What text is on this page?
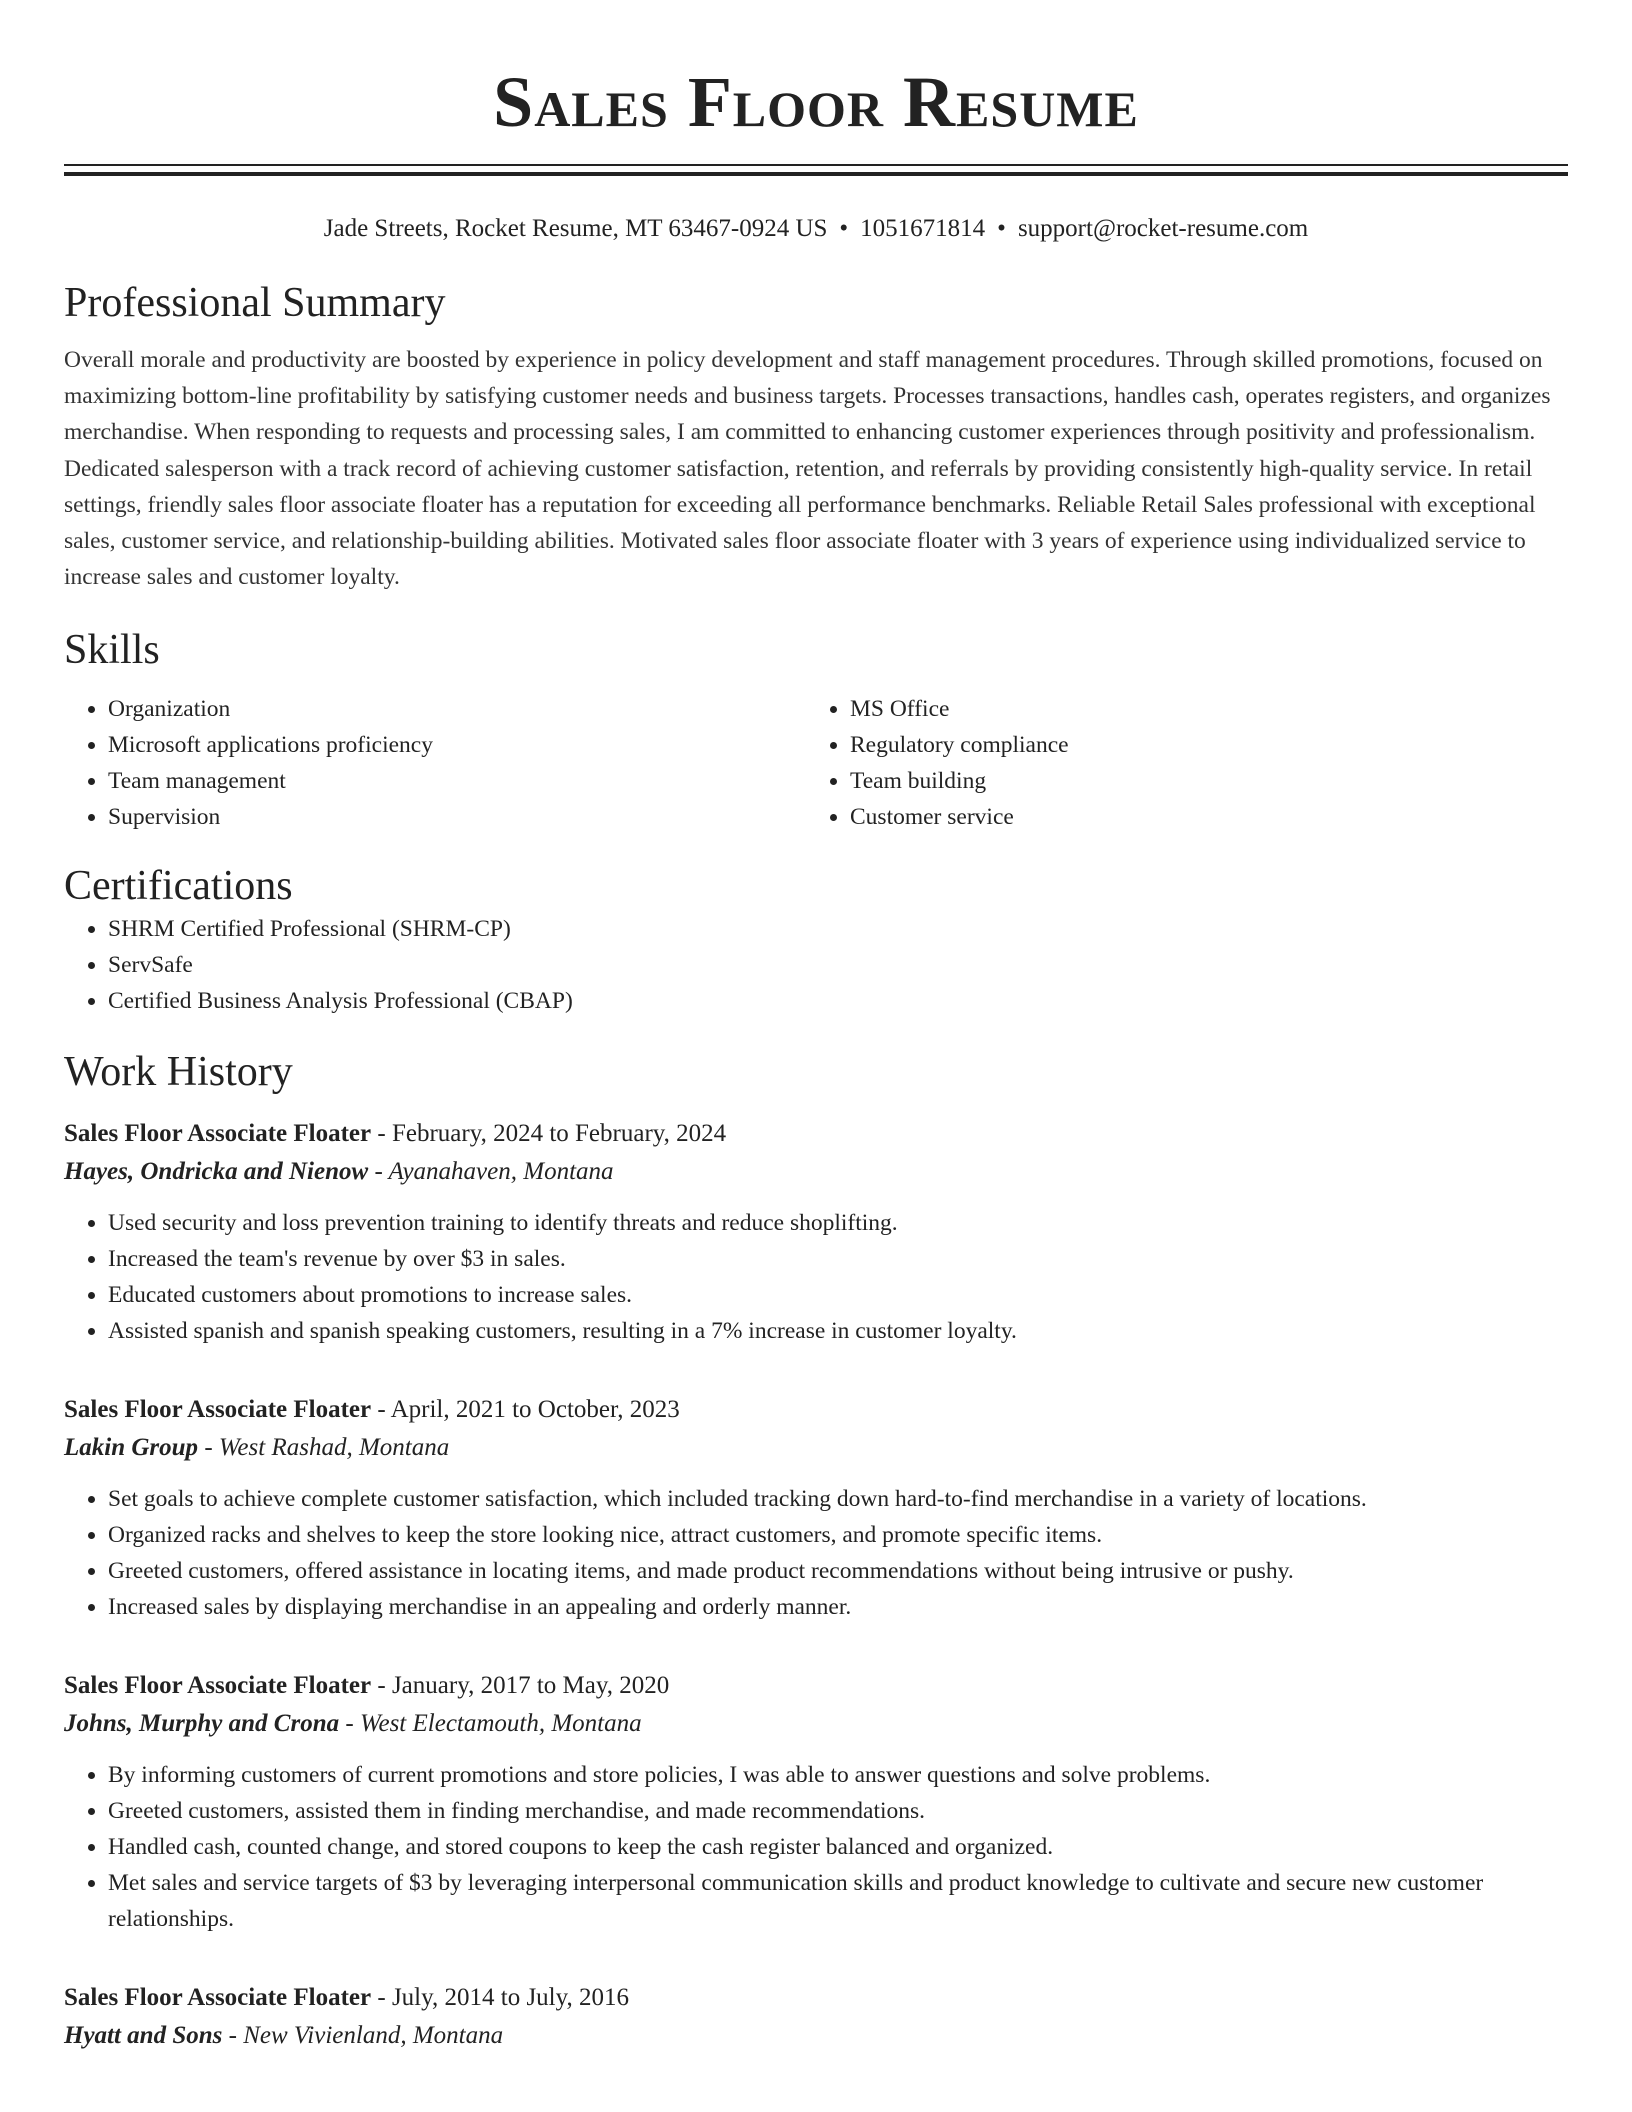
Sales Floor Resume
Jade Streets, Rocket Resume, MT 63467-0924 US • 1051671814 • support@rocket-resume.com
Professional Summary
Overall morale and productivity are boosted by experience in policy development and staff management procedures. Through skilled promotions, focused on maximizing bottom-line profitability by satisfying customer needs and business targets. Processes transactions, handles cash, operates registers, and organizes merchandise. When responding to requests and processing sales, I am committed to enhancing customer experiences through positivity and professionalism. Dedicated salesperson with a track record of achieving customer satisfaction, retention, and referrals by providing consistently high-quality service. In retail settings, friendly sales floor associate floater has a reputation for exceeding all performance benchmarks. Reliable Retail Sales professional with exceptional sales, customer service, and relationship-building abilities. Motivated sales floor associate floater with 3 years of experience using individualized service to increase sales and customer loyalty.
Skills
• Organization
• Microsoft applications proficiency
• Team management
• Supervision
• MS Office
• Regulatory compliance
• Team building
• Customer service
Certifications
• SHRM Certified Professional (SHRM-CP)
• ServSafe
• Certified Business Analysis Professional (CBAP)
Work History
Sales Floor Associate Floater - February, 2024 to February, 2024
Hayes, Ondricka and Nienow - Ayanahaven, Montana
• Used security and loss prevention training to identify threats and reduce shoplifting.
• Increased the team's revenue by over $3 in sales.
• Educated customers about promotions to increase sales.
• Assisted spanish and spanish speaking customers, resulting in a 7% increase in customer loyalty.
Sales Floor Associate Floater - April, 2021 to October, 2023
Lakin Group - West Rashad, Montana
• Set goals to achieve complete customer satisfaction, which included tracking down hard-to-find merchandise in a variety of locations.
• Organized racks and shelves to keep the store looking nice, attract customers, and promote specific items.
• Greeted customers, offered assistance in locating items, and made product recommendations without being intrusive or pushy.
• Increased sales by displaying merchandise in an appealing and orderly manner.
Sales Floor Associate Floater - January, 2017 to May, 2020
Johns, Murphy and Crona - West Electamouth, Montana
• By informing customers of current promotions and store policies, I was able to answer questions and solve problems.
• Greeted customers, assisted them in finding merchandise, and made recommendations.
• Handled cash, counted change, and stored coupons to keep the cash register balanced and organized.
• Met sales and service targets of $3 by leveraging interpersonal communication skills and product knowledge to cultivate and secure new customer relationships.
Sales Floor Associate Floater - July, 2014 to July, 2016
Hyatt and Sons - New Vivienland, Montana
